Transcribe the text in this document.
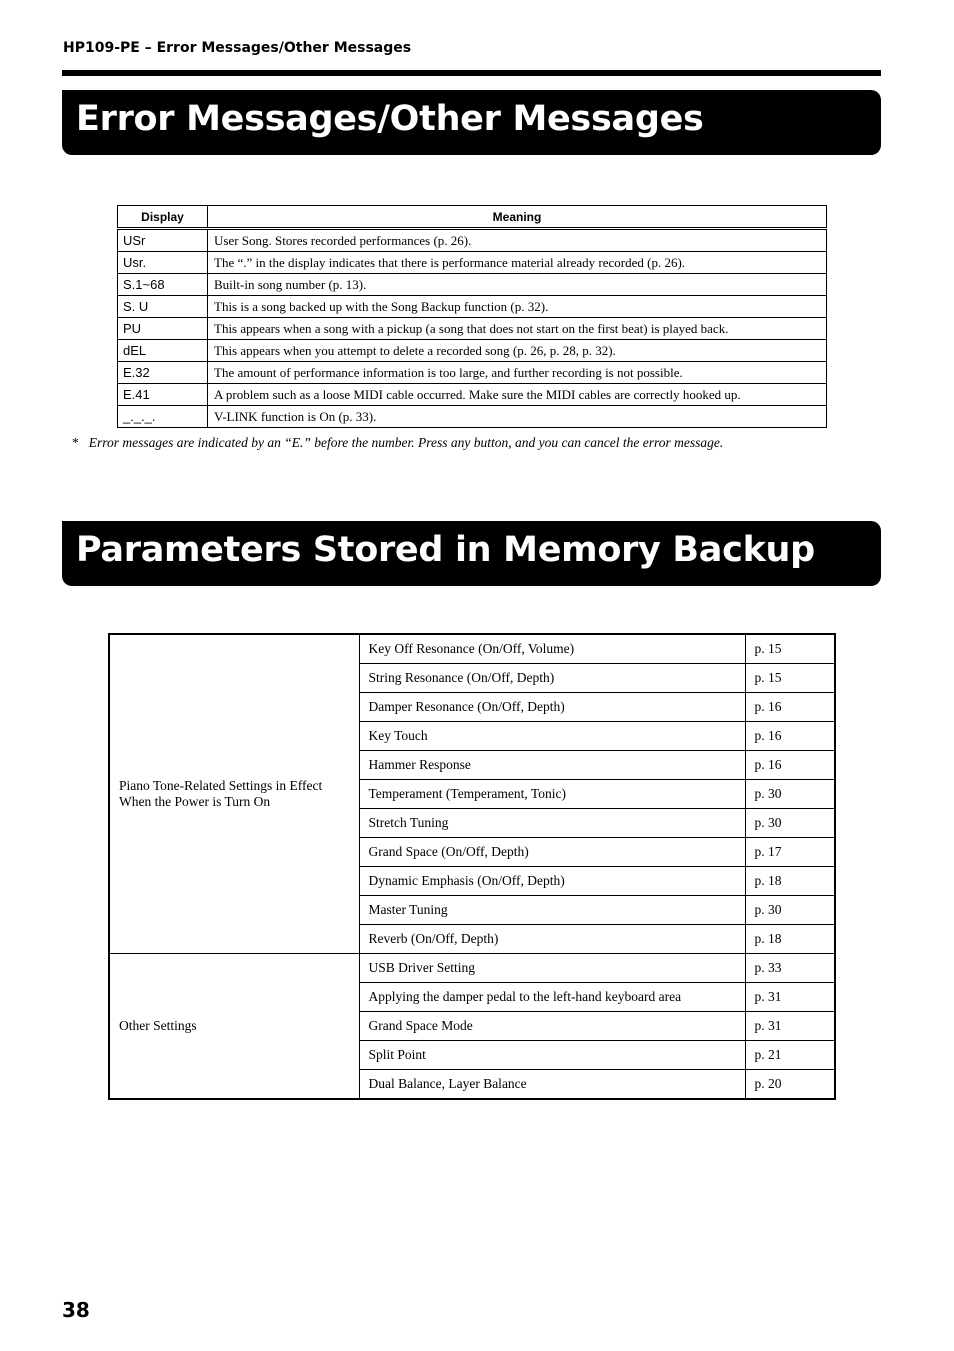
HP109-PE – Error Messages/Other Messages
Error Messages/Other Messages
Display	Meaning
USr	User Song. Stores recorded performances (p. 26).
Usr.	The “.” in the display indicates that there is performance material already recorded (p. 26).
S.1~68	Built-in song number (p. 13).
S. U	This is a song backed up with the Song Backup function (p. 32).
PU	This appears when a song with a pickup (a song that does not start on the first beat) is played back.
dEL	This appears when you attempt to delete a recorded song (p. 26, p. 28, p. 32).
E.32	The amount of performance information is too large, and further recording is not possible.
E.41	A problem such as a loose MIDI cable occurred. Make sure the MIDI cables are correctly hooked up.
_._._.	V-LINK function is On (p. 33).
* Error messages are indicated by an “E.” before the number. Press any button, and you can cancel the error message.
Parameters Stored in Memory Backup
Piano Tone-Related Settings in Effect When the Power is Turn On	Key Off Resonance (On/Off, Volume)	p. 15
	String Resonance (On/Off, Depth)	p. 15
	Damper Resonance (On/Off, Depth)	p. 16
	Key Touch	p. 16
	Hammer Response	p. 16
	Temperament (Temperament, Tonic)	p. 30
	Stretch Tuning	p. 30
	Grand Space (On/Off, Depth)	p. 17
	Dynamic Emphasis (On/Off, Depth)	p. 18
	Master Tuning	p. 30
	Reverb (On/Off, Depth)	p. 18
Other Settings	USB Driver Setting	p. 33
	Applying the damper pedal to the left-hand keyboard area	p. 31
	Grand Space Mode	p. 31
	Split Point	p. 21
	Dual Balance, Layer Balance	p. 20
38
